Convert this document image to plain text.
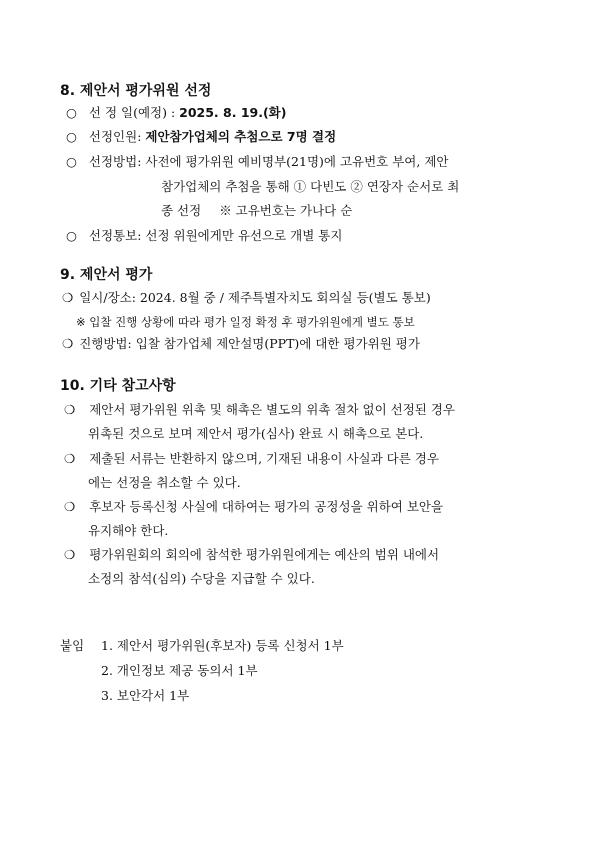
8. 제안서 평가위원 선정
○ 선 정 일(예정) : 2025. 8. 19.(화)
○ 선정인원: 제안참가업체의 추첨으로 7명 결정
○ 선정방법: 사전에 평가위원 예비명부(21명)에 고유번호 부여, 제안
참가업체의 추첨을 통해 ① 다빈도 ② 연장자 순서로 최
종 선정 ※ 고유번호는 가나다 순
○ 선정통보: 선정 위원에게만 유선으로 개별 통지
9. 제안서 평가
❍ 일시/장소: 2024. 8월 중 / 제주특별자치도 회의실 등(별도 통보)
※ 입찰 진행 상황에 따라 평가 일정 확정 후 평가위원에게 별도 통보
❍ 진행방법: 입찰 참가업체 제안설명(PPT)에 대한 평가위원 평가
10. 기타 참고사항
❍ 제안서 평가위원 위촉 및 해촉은 별도의 위촉 절차 없이 선정된 경우
위촉된 것으로 보며 제안서 평가(심사) 완료 시 해촉으로 본다.
❍ 제출된 서류는 반환하지 않으며, 기재된 내용이 사실과 다른 경우
에는 선정을 취소할 수 있다.
❍ 후보자 등록신청 사실에 대하여는 평가의 공정성을 위하여 보안을
유지해야 한다.
❍ 평가위원회의 회의에 참석한 평가위원에게는 예산의 범위 내에서
소정의 참석(심의) 수당을 지급할 수 있다.
붙임 1. 제안서 평가위원(후보자) 등록 신청서 1부
2. 개인정보 제공 동의서 1부
3. 보안각서 1부
